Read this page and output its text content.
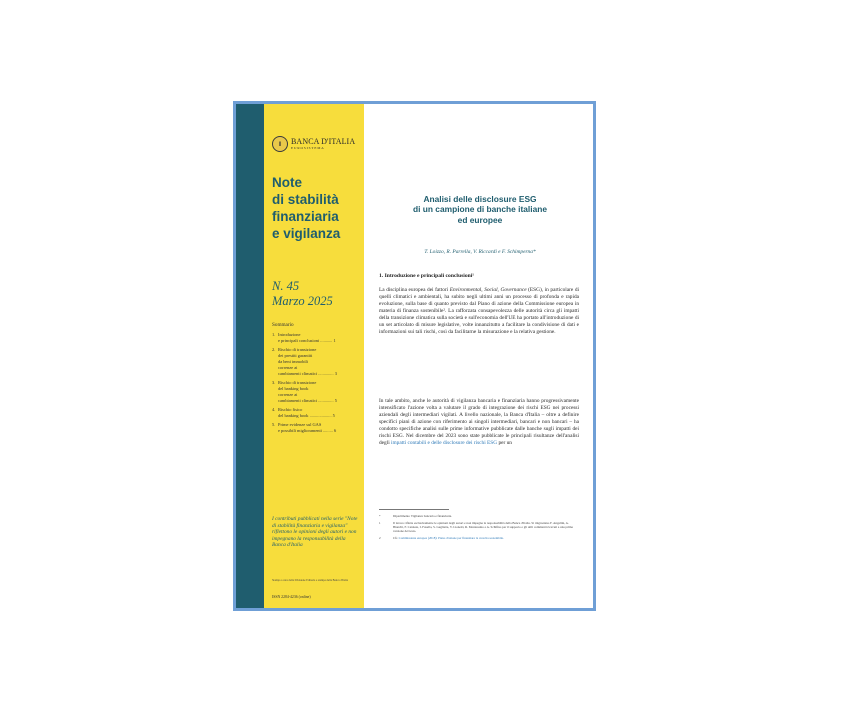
Ⅱ	BANCA D'ITALIA
EUROSISTEMA
Note
di stabilità
finanziaria
e vigilanza
N. 45
Marzo 2025
Sommario
1. Introduzione
e principali conclusioni ........... 1
2. Rischio di transizione
dei prestiti garantiti
da beni immobili
correnze ai
cambiamenti climatici .............. 3
3. Rischio di transizione
del banking book
correnze ai
cambiamenti climatici .............. 5
4. Rischio fisico
del banking book .................... 5
5. Prime evidenze sul GAS
e possibili miglioramenti ......... 6
I contributi pubblicati nella serie "Note di stabilità finanziaria e vigilanza" riflettono le opinioni degli autori e non impegnano la responsabilità della Banca d'Italia
Stampa a cura della Divisione Editoria e stampa della Banca d'Italia
ISSN 2284-4236 (online)
Analisi delle disclosure ESG
di un campione di banche italiane
ed europee
T. Loizzo, R. Parrella, V. Riccardi e F. Schimperna*
1. Introduzione e principali conclusioni¹
La disciplina europea dei fattori Environmental, Social, Governance (ESG), in particolare di quelli climatici e ambientali, ha subito negli ultimi anni un processo di profonda e rapida evoluzione, sulla base di quanto previsto dal Piano di azione della Commissione europea in materia di finanza sostenibile². La rafforzata consapevolezza delle autorità circa gli impatti della transizione climatica sulla società e sull'economia dell'UE ha portato all'introduzione di un set articolato di misure legislative, volte innanzitutto a facilitare la condivisione di dati e informazioni sui tali rischi, così da facilitarne la misurazione e la relativa gestione.
In tale ambito, anche le autorità di vigilanza bancaria e finanziaria hanno progressivamente intensificato l'azione volta a valutare il grado di integrazione dei rischi ESG nei processi aziendali degli intermediari vigilati. A livello nazionale, la Banca d'Italia – oltre a definire specifici piani di azione con riferimento ai singoli intermediari, bancari e non bancari – ha condotto specifiche analisi sulle prime informative pubblicate dalle banche sugli impatti dei rischi ESG. Nel dicembre del 2023 sono state pubblicate le principali risultanze dell'analisi degli impatti contabili e delle disclosure dei rischi ESG per un
*	Dipartimento Vigilanza bancaria e finanziaria.
1	Il lavoro riflette esclusivamente le opinioni degli autori e non impegna la responsabilità della Banca d'Italia. Si ringraziano F. Angelini, A. Bianchi, F. Cannata, I. Fusella, S. Guglietta, V. Lionetti, R. Montesanto e A. Schifino per il supporto e gli utili commenti ricevuti a una prima versione del testo.
2	Cfr. Commissione europea (2018): Piano d'azione per finanziare la crescita sostenibile.
